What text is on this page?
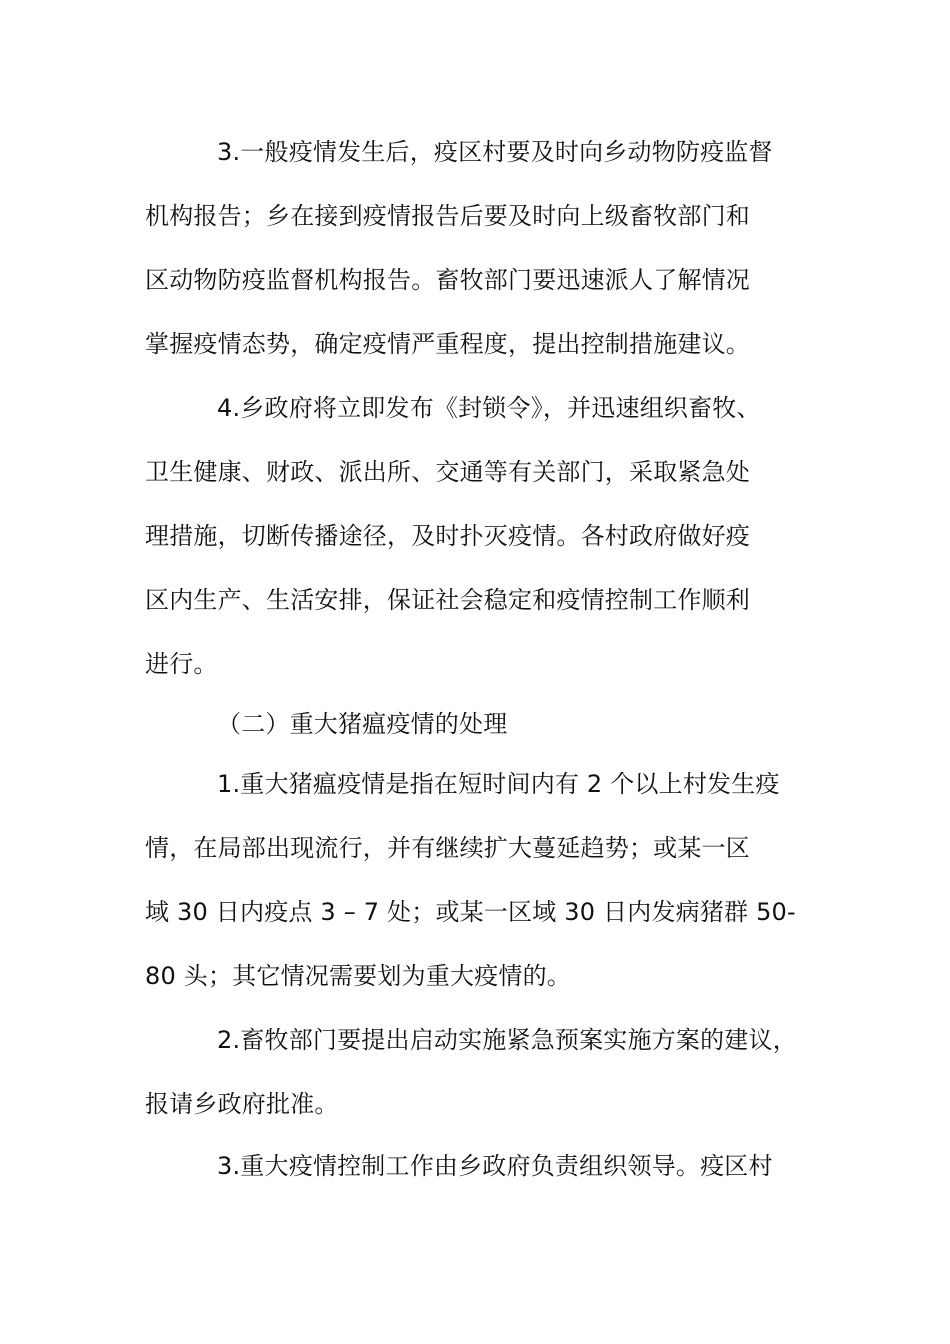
3.一般疫情发生后，疫区村要及时向乡动物防疫监督
机构报告；乡在接到疫情报告后要及时向上级畜牧部门和
区动物防疫监督机构报告。畜牧部门要迅速派人了解情况
掌握疫情态势，确定疫情严重程度，提出控制措施建议。
4.乡政府将立即发布《封锁令》，并迅速组织畜牧、
卫生健康、财政、派出所、交通等有关部门，采取紧急处
理措施，切断传播途径，及时扑灭疫情。各村政府做好疫
区内生产、生活安排，保证社会稳定和疫情控制工作顺利
进行。
（二）重大猪瘟疫情的处理
1.重大猪瘟疫情是指在短时间内有 2 个以上村发生疫
情，在局部出现流行，并有继续扩大蔓延趋势；或某一区
域 30 日内疫点 3 – 7 处；或某一区域 30 日内发病猪群 50-
80 头；其它情况需要划为重大疫情的。
2.畜牧部门要提出启动实施紧急预案实施方案的建议，
报请乡政府批准。
3.重大疫情控制工作由乡政府负责组织领导。疫区村
